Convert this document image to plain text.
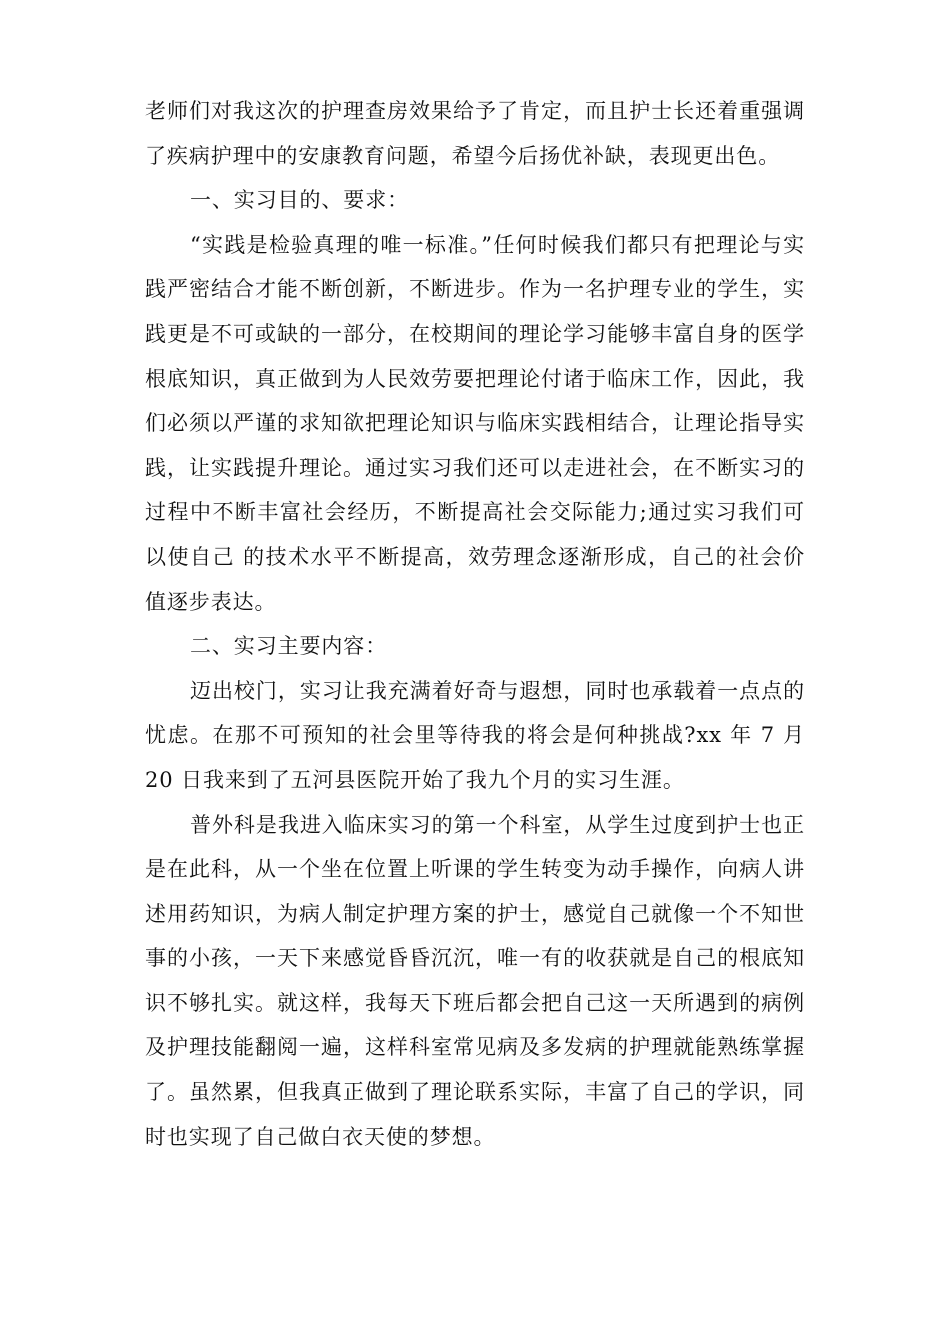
老师们对我这次的护理查房效果给予了肯定，而且护士长还着重强调了疾病护理中的安康教育问题，希望今后扬优补缺，表现更出色。

一、实习目的、要求：

“实践是检验真理的唯一标准。”任何时候我们都只有把理论与实践严密结合才能不断创新，不断进步。作为一名护理专业的学生，实践更是不可或缺的一部分，在校期间的理论学习能够丰富自身的医学根底知识，真正做到为人民效劳要把理论付诸于临床工作，因此，我们必须以严谨的求知欲把理论知识与临床实践相结合，让理论指导实践，让实践提升理论。通过实习我们还可以走进社会，在不断实习的过程中不断丰富社会经历，不断提高社会交际能力;通过实习我们可以使自己 的技术水平不断提高，效劳理念逐渐形成，自己的社会价值逐步表达。

二、实习主要内容：

迈出校门，实习让我充满着好奇与遐想，同时也承载着一点点的忧虑。在那不可预知的社会里等待我的将会是何种挑战?xx 年 7 月 20 日我来到了五河县医院开始了我九个月的实习生涯。

普外科是我进入临床实习的第一个科室，从学生过度到护士也正是在此科，从一个坐在位置上听课的学生转变为动手操作，向病人讲述用药知识，为病人制定护理方案的护士，感觉自己就像一个不知世事的小孩，一天下来感觉昏昏沉沉，唯一有的收获就是自己的根底知识不够扎实。就这样，我每天下班后都会把自己这一天所遇到的病例及护理技能翻阅一遍，这样科室常见病及多发病的护理就能熟练掌握了。虽然累，但我真正做到了理论联系实际，丰富了自己的学识，同时也实现了自己做白衣天使的梦想。
